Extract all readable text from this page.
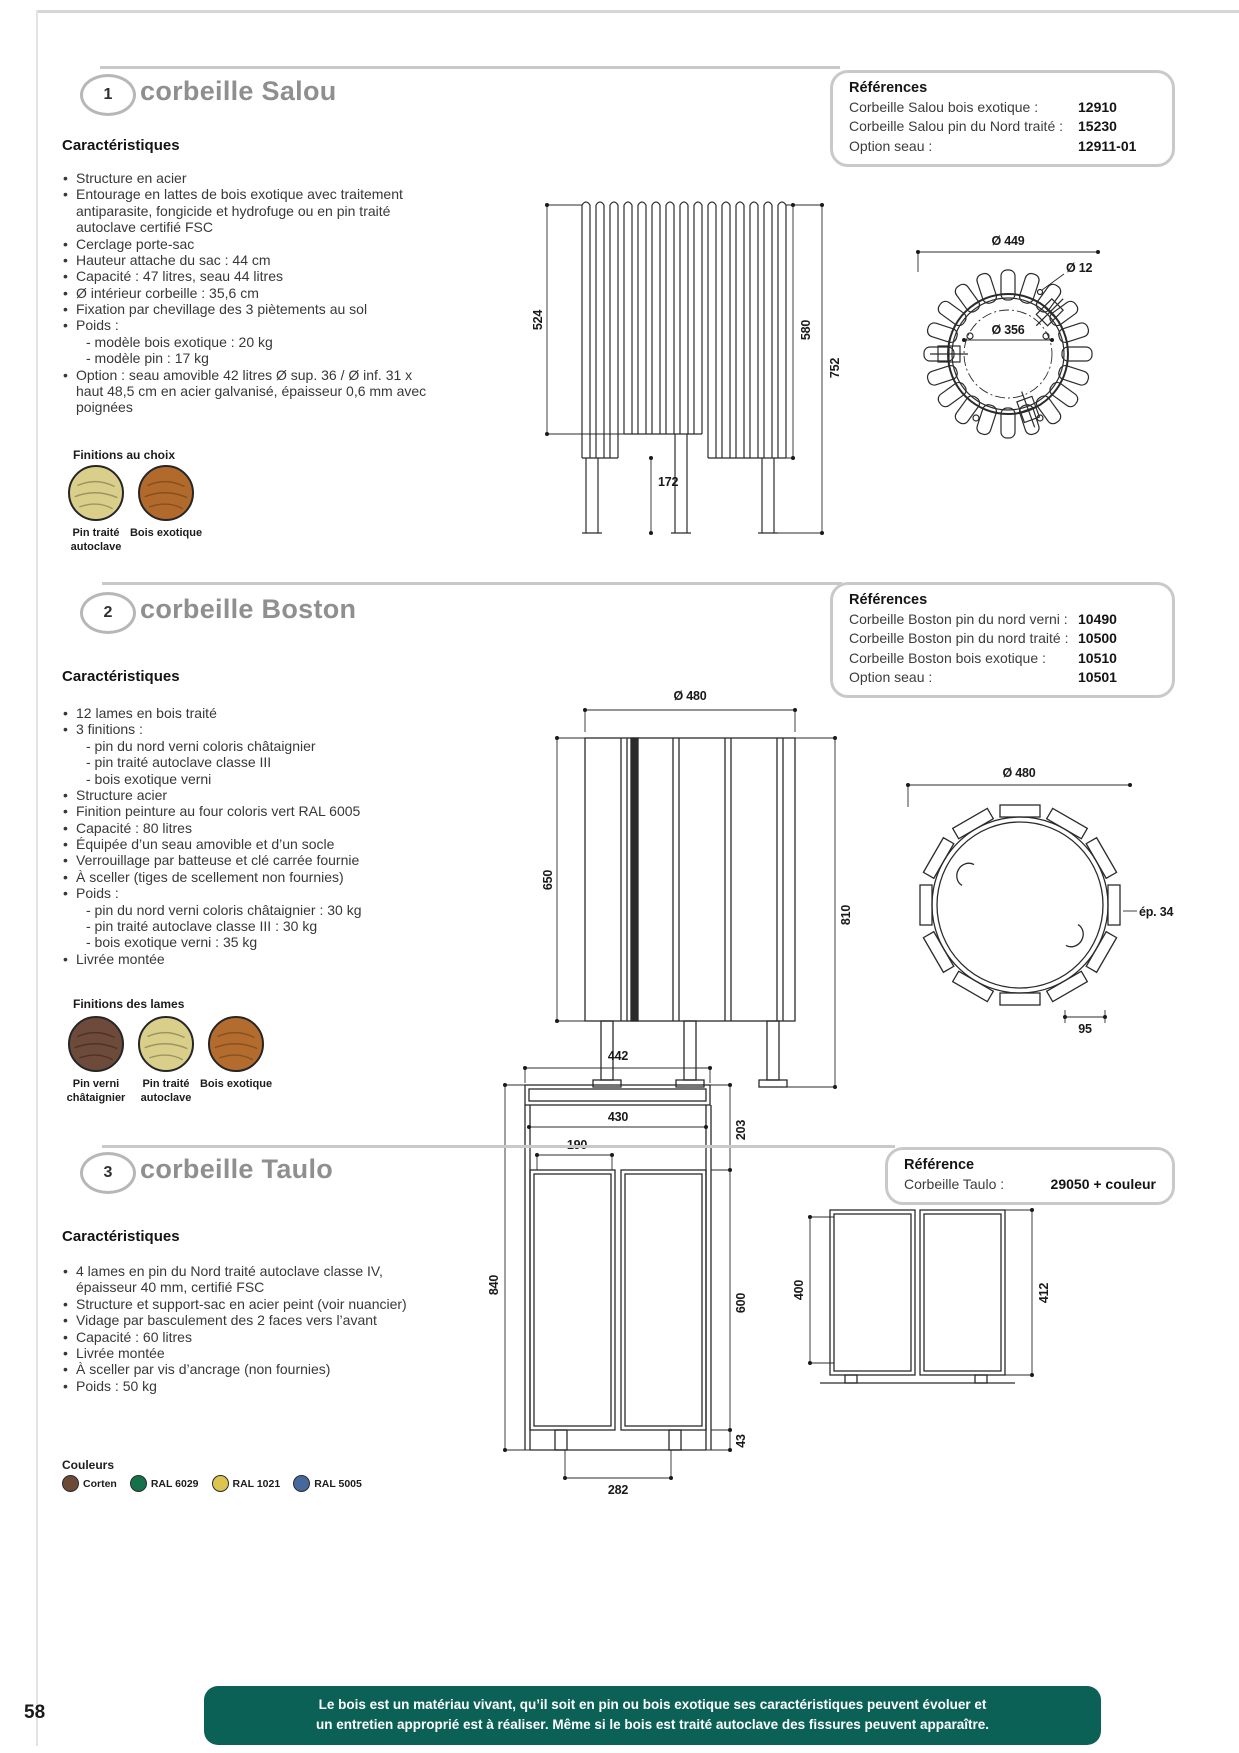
1 corbeille Salou	Références
Corbeille Salou bois exotique :	12910
Corbeille Salou pin du Nord traité :	15230
Option seau :	12911-01
Caractéristiques
• Structure en acier
• Entourage en lattes de bois exotique avec traitement antiparasite, fongicide et hydrofuge ou en pin traité autoclave certifié FSC
• Cerclage porte-sac
• Hauteur attache du sac : 44 cm
• Capacité : 47 litres, seau 44 litres
• Ø intérieur corbeille : 35,6 cm
• Fixation par chevillage des 3 piètements au sol
• Poids :
- modèle bois exotique : 20 kg
- modèle pin : 17 kg
• Option : seau amovible 42 litres Ø sup. 36 / Ø inf. 31 x haut 48,5 cm en acier galvanisé, épaisseur 0,6 mm avec poignées
Finitions au choix
Pin traité
autoclave
Bois exotique
524	580
752
172
Ø 449
Ø 12
Ø 356
2 corbeille Boston	Références
Corbeille Boston pin du nord verni : 10490
Corbeille Boston pin du nord traité : 10500
Corbeille Boston bois exotique :	10510
Option seau :	10501
Caractéristiques
• 12 lames en bois traité
• 3 finitions :
- pin du nord verni coloris châtaignier
- pin traité autoclave classe III
- bois exotique verni
• Structure acier
• Finition peinture au four coloris vert RAL 6005
• Capacité : 80 litres
• Équipée d’un seau amovible et d’un socle
• Verrouillage par batteuse et clé carrée fournie
• À sceller (tiges de scellement non fournies)
• Poids :
- pin du nord verni coloris châtaignier : 30 kg
- pin traité autoclave classe III : 30 kg
- bois exotique verni : 35 kg
• Livrée montée
Finitions des lames
Pin verni
châtaignier
Pin traité
autoclave
Bois exotique
Ø 480
650
810
Ø 480
ép. 34
95
3 corbeille Taulo	Référence
Corbeille Taulo :	29050 + couleur
Caractéristiques
• 4 lames en pin du Nord traité autoclave classe IV, épaisseur 40 mm, certifié FSC
• Structure et support-sac en acier peint (voir nuancier)
• Vidage par basculement des 2 faces vers l’avant
• Capacité : 60 litres
• Livrée montée
• À sceller par vis d’ancrage (non fournies)
• Poids : 50 kg
Couleurs
Corten	RAL 6029	RAL 1021	RAL 5005
442
430
840
203
600
43
282
400	412
Le bois est un matériau vivant, qu’il soit en pin ou bois exotique ses caractéristiques peuvent évoluer et
un entretien approprié est à réaliser. Même si le bois est traité autoclave des fissures peuvent apparaître.
58
